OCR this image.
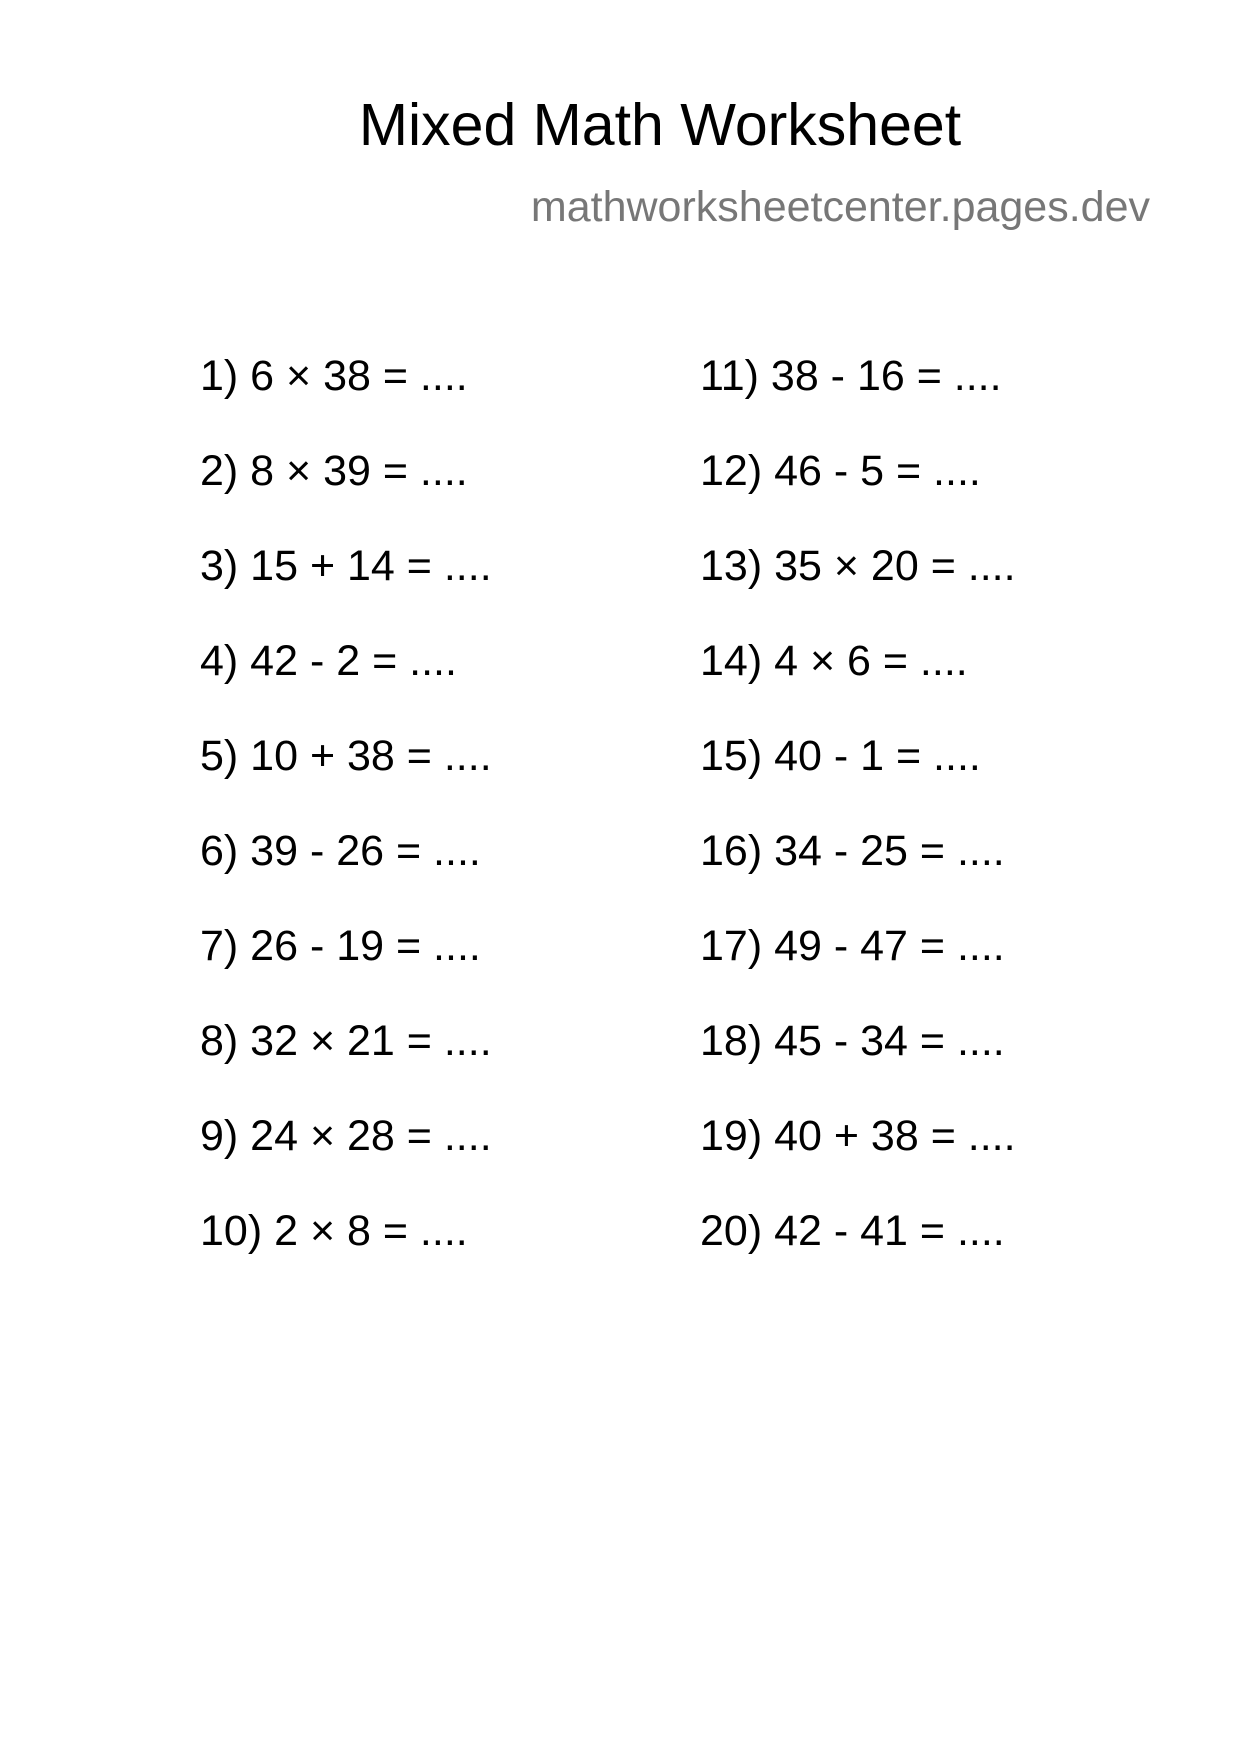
Mixed Math Worksheet
mathworksheetcenter.pages.dev
1) 6 × 38 = ....
2) 8 × 39 = ....
3) 15 + 14 = ....
4) 42 - 2 = ....
5) 10 + 38 = ....
6) 39 - 26 = ....
7) 26 - 19 = ....
8) 32 × 21 = ....
9) 24 × 28 = ....
10) 2 × 8 = ....
11) 38 - 16 = ....
12) 46 - 5 = ....
13) 35 × 20 = ....
14) 4 × 6 = ....
15) 40 - 1 = ....
16) 34 - 25 = ....
17) 49 - 47 = ....
18) 45 - 34 = ....
19) 40 + 38 = ....
20) 42 - 41 = ....
